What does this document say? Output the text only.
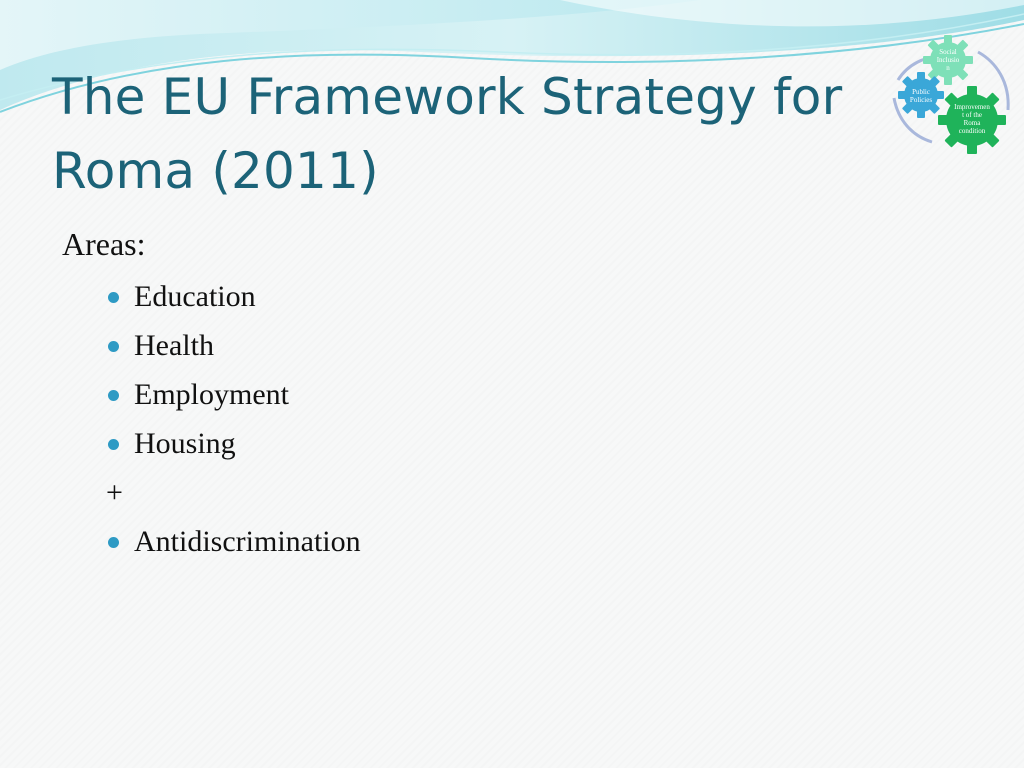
The EU Framework Strategy for
Roma (2011)
Areas:
Education
Health
Employment
Housing
+
Antidiscrimination
Social
Inclusio
n
Public
Policies
Improvemen
t of the
Roma
condition
